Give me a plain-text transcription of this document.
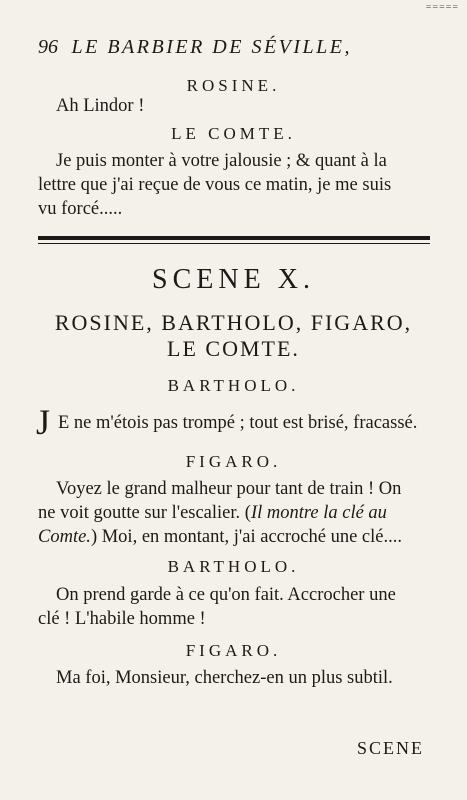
=====
96 LE BARBIER DE SÉVILLE,
ROSINE.
Ah Lindor !
LE COMTE.
Je puis monter à votre jalousie ; & quant à la
lettre que j'ai reçue de vous ce matin, je me suis
vu forcé.....
SCENE X.
ROSINE, BARTHOLO, FIGARO,
LE COMTE.
BARTHOLO.
J E ne m'étois pas trompé ; tout est brisé, fracassé.
FIGARO.
Voyez le grand malheur pour tant de train ! On
ne voit goutte sur l'escalier. (Il montre la clé au
Comte.) Moi, en montant, j'ai accroché une clé....
BARTHOLO.
On prend garde à ce qu'on fait. Accrocher une
clé ! L'habile homme !
FIGARO.
Ma foi, Monsieur, cherchez-en un plus subtil.
SCENE
